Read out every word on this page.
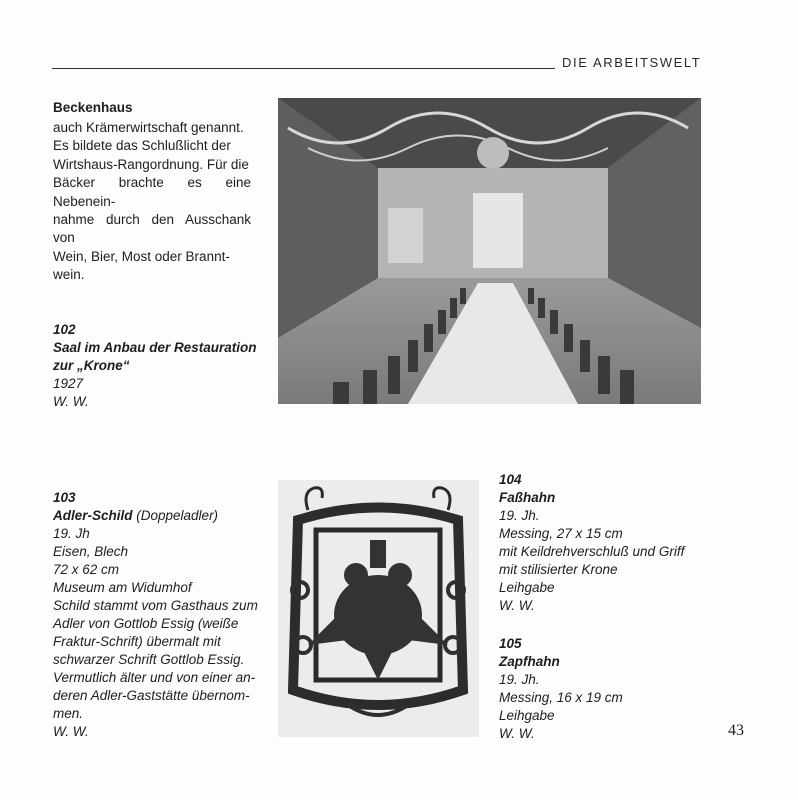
DIE ARBEITSWELT
Beckenhaus
auch Krämerwirtschaft genannt.
Es bildete das Schlußlicht der
Wirtshaus-Rangordnung. Für die
Bäcker brachte es eine Nebenein-
nahme durch den Ausschank von
Wein, Bier, Most oder Brannt-
wein.
102
Saal im Anbau der Restauration
zur „Krone“
1927
W. W.
103
Adler-Schild (Doppeladler)
19. Jh
Eisen, Blech
72 x 62 cm
Museum am Widumhof
Schild stammt vom Gasthaus zum
Adler von Gottlob Essig (weiße
Fraktur-Schrift) übermalt mit
schwarzer Schrift Gottlob Essig.
Vermutlich älter und von einer an-
deren Adler-Gaststätte übernom-
men.
W. W.
104
Faßhahn
19. Jh.
Messing, 27 x 15 cm
mit Keildrehverschluß und Griff
mit stilisierter Krone
Leihgabe
W. W.
105
Zapfhahn
19. Jh.
Messing, 16 x 19 cm
Leihgabe
W. W.	43
